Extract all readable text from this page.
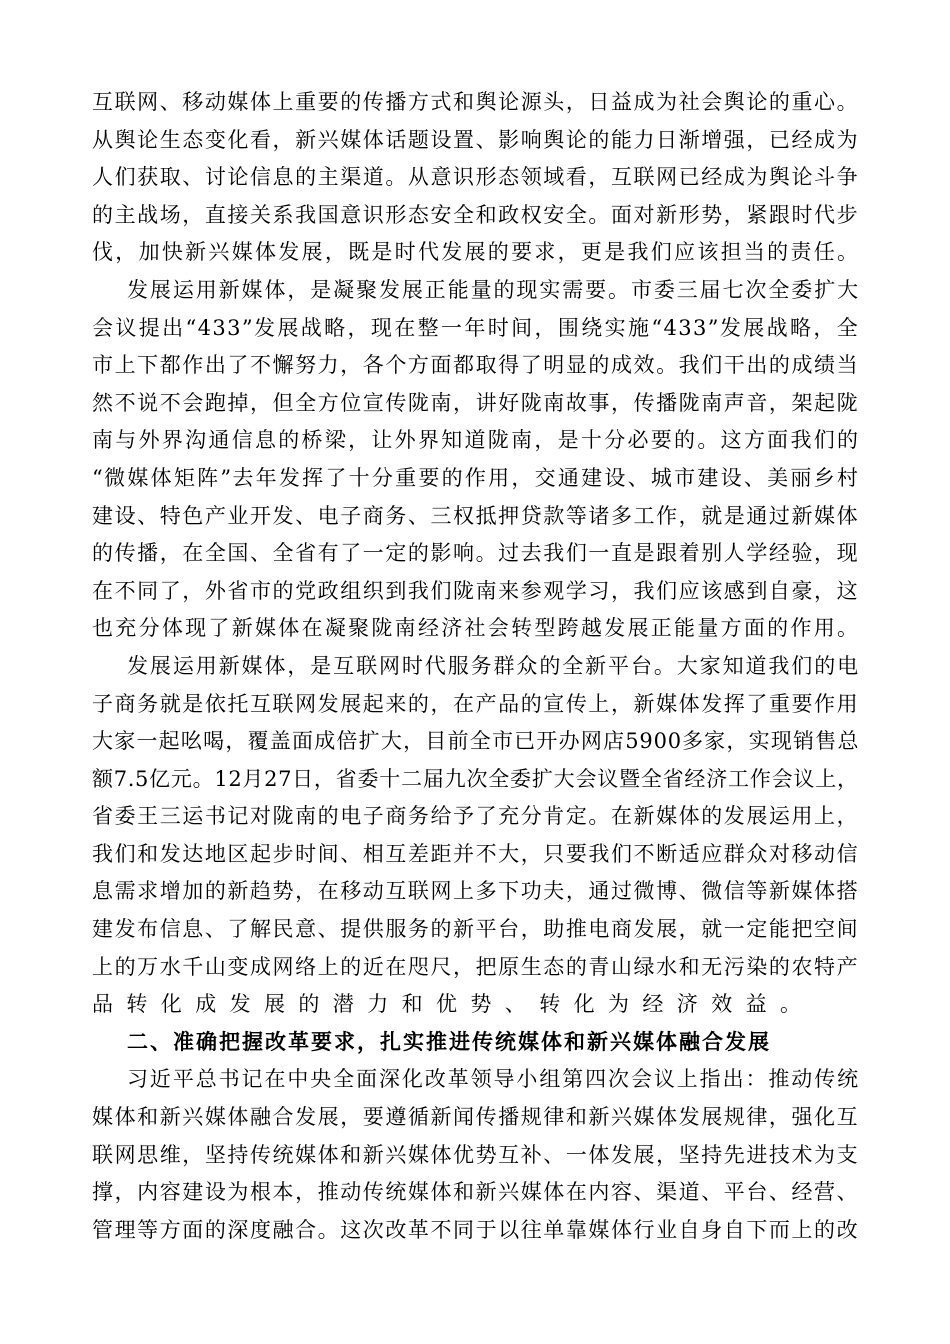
互 联 网 、 移 动 媒 体 上 重 要 的 传 播 方 式 和 舆 论 源 头 ， 日 益 成 为 社 会 舆 论 的 重 心 。
从 舆 论 生 态 变 化 看 ， 新 兴 媒 体 话 题 设 置 、 影 响 舆 论 的 能 力 日 渐 增 强 ， 已 经 成 为
人 们 获 取 、 讨 论 信 息 的 主 渠 道 。 从 意 识 形 态 领 域 看 ， 互 联 网 已 经 成 为 舆 论 斗 争
的 主 战 场 ， 直 接 关 系 我 国 意 识 形 态 安 全 和 政 权 安 全 。 面 对 新 形 势 ， 紧 跟 时 代 步
伐 ， 加 快 新 兴 媒 体 发 展 ， 既 是 时 代 发 展 的 要 求 ， 更 是 我 们 应 该 担 当 的 责 任 。
发 展 运 用 新 媒 体 ， 是 凝 聚 发 展 正 能 量 的 现 实 需 要 。 市 委 三 届 七 次 全 委 扩 大
会 议 提 出 “ 4 3 3 ” 发 展 战 略 ， 现 在 整 一 年 时 间 ， 围 绕 实 施 “ 4 3 3 ” 发 展 战 略 ， 全
市 上 下 都 作 出 了 不 懈 努 力 ， 各 个 方 面 都 取 得 了 明 显 的 成 效 。 我 们 干 出 的 成 绩 当
然 不 说 不 会 跑 掉 ， 但 全 方 位 宣 传 陇 南 ， 讲 好 陇 南 故 事 ， 传 播 陇 南 声 音 ， 架 起 陇
南 与 外 界 沟 通 信 息 的 桥 梁 ， 让 外 界 知 道 陇 南 ， 是 十 分 必 要 的 。 这 方 面 我 们 的
“ 微 媒 体 矩 阵 ” 去 年 发 挥 了 十 分 重 要 的 作 用 ， 交 通 建 设 、 城 市 建 设 、 美 丽 乡 村
建 设 、 特 色 产 业 开 发 、 电 子 商 务 、 三 权 抵 押 贷 款 等 诸 多 工 作 ， 就 是 通 过 新 媒 体
的 传 播 ， 在 全 国 、 全 省 有 了 一 定 的 影 响 。 过 去 我 们 一 直 是 跟 着 别 人 学 经 验 ， 现
在 不 同 了 ， 外 省 市 的 党 政 组 织 到 我 们 陇 南 来 参 观 学 习 ， 我 们 应 该 感 到 自 豪 ， 这
也 充 分 体 现 了 新 媒 体 在 凝 聚 陇 南 经 济 社 会 转 型 跨 越 发 展 正 能 量 方 面 的 作 用 。
发 展 运 用 新 媒 体 ， 是 互 联 网 时 代 服 务 群 众 的 全 新 平 台 。 大 家 知 道 我 们 的 电
子 商 务 就 是 依 托 互 联 网 发 展 起 来 的 ， 在 产 品 的 宣 传 上 ， 新 媒 体 发 挥 了 重 要 作 用
大 家 一 起 吆 喝 ， 覆 盖 面 成 倍 扩 大 ， 目 前 全 市 已 开 办 网 店 5 9 0 0 多 家 ， 实 现 销 售 总
额 7 . 5 亿 元 。 1 2 月 2 7 日 ， 省 委 十 二 届 九 次 全 委 扩 大 会 议 暨 全 省 经 济 工 作 会 议 上 ，
省 委 王 三 运 书 记 对 陇 南 的 电 子 商 务 给 予 了 充 分 肯 定 。 在 新 媒 体 的 发 展 运 用 上 ，
我 们 和 发 达 地 区 起 步 时 间 、 相 互 差 距 并 不 大 ， 只 要 我 们 不 断 适 应 群 众 对 移 动 信
息 需 求 增 加 的 新 趋 势 ， 在 移 动 互 联 网 上 多 下 功 夫 ， 通 过 微 博 、 微 信 等 新 媒 体 搭
建 发 布 信 息 、 了 解 民 意 、 提 供 服 务 的 新 平 台 ， 助 推 电 商 发 展 ， 就 一 定 能 把 空 间
上 的 万 水 千 山 变 成 网 络 上 的 近 在 咫 尺 ， 把 原 生 态 的 青 山 绿 水 和 无 污 染 的 农 特 产
品转化成发展的潜力和优势、转化为经济效益。
二、准确把握改革要求，扎实推进传统媒体和新兴媒体融合发展
习 近 平 总 书 记 在 中 央 全 面 深 化 改 革 领 导 小 组 第 四 次 会 议 上 指 出 ： 推 动 传 统
媒 体 和 新 兴 媒 体 融 合 发 展 ， 要 遵 循 新 闻 传 播 规 律 和 新 兴 媒 体 发 展 规 律 ， 强 化 互
联 网 思 维 ， 坚 持 传 统 媒 体 和 新 兴 媒 体 优 势 互 补 、 一 体 发 展 ， 坚 持 先 进 技 术 为 支
撑 ， 内 容 建 设 为 根 本 ， 推 动 传 统 媒 体 和 新 兴 媒 体 在 内 容 、 渠 道 、 平 台 、 经 营 、
管 理 等 方 面 的 深 度 融 合 。 这 次 改 革 不 同 于 以 往 单 靠 媒 体 行 业 自 身 自 下 而 上 的 改
